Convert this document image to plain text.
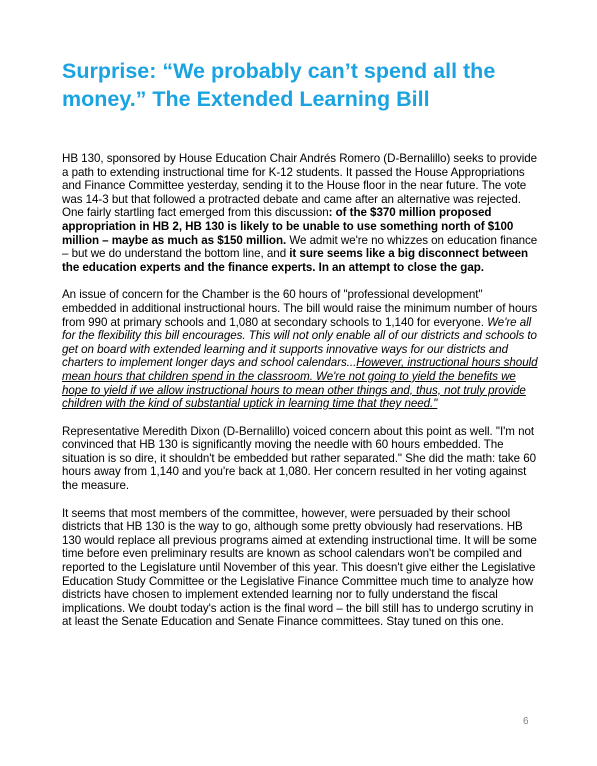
Surprise: “We probably can’t spend all the money.” The Extended Learning Bill

HB 130, sponsored by House Education Chair Andrés Romero (D-Bernalillo) seeks to provide a path to extending instructional time for K-12 students. It passed the House Appropriations and Finance Committee yesterday, sending it to the House floor in the near future. The vote was 14-3 but that followed a protracted debate and came after an alternative was rejected. One fairly startling fact emerged from this discussion: of the $370 million proposed appropriation in HB 2, HB 130 is likely to be unable to use something north of $100 million – maybe as much as $150 million. We admit we're no whizzes on education finance – but we do understand the bottom line, and it sure seems like a big disconnect between the education experts and the finance experts. In an attempt to close the gap.

An issue of concern for the Chamber is the 60 hours of "professional development" embedded in additional instructional hours. The bill would raise the minimum number of hours from 990 at primary schools and 1,080 at secondary schools to 1,140 for everyone. We're all for the flexibility this bill encourages. This will not only enable all of our districts and schools to get on board with extended learning and it supports innovative ways for our districts and charters to implement longer days and school calendars...However, instructional hours should mean hours that children spend in the classroom. We're not going to yield the benefits we hope to yield if we allow instructional hours to mean other things and, thus, not truly provide children with the kind of substantial uptick in learning time that they need."

Representative Meredith Dixon (D-Bernalillo) voiced concern about this point as well. "I'm not convinced that HB 130 is significantly moving the needle with 60 hours embedded. The situation is so dire, it shouldn't be embedded but rather separated." She did the math: take 60 hours away from 1,140 and you're back at 1,080. Her concern resulted in her voting against the measure.

It seems that most members of the committee, however, were persuaded by their school districts that HB 130 is the way to go, although some pretty obviously had reservations. HB 130 would replace all previous programs aimed at extending instructional time. It will be some time before even preliminary results are known as school calendars won't be compiled and reported to the Legislature until November of this year. This doesn't give either the Legislative Education Study Committee or the Legislative Finance Committee much time to analyze how districts have chosen to implement extended learning nor to fully understand the fiscal implications. We doubt today's action is the final word – the bill still has to undergo scrutiny in at least the Senate Education and Senate Finance committees. Stay tuned on this one.

6
